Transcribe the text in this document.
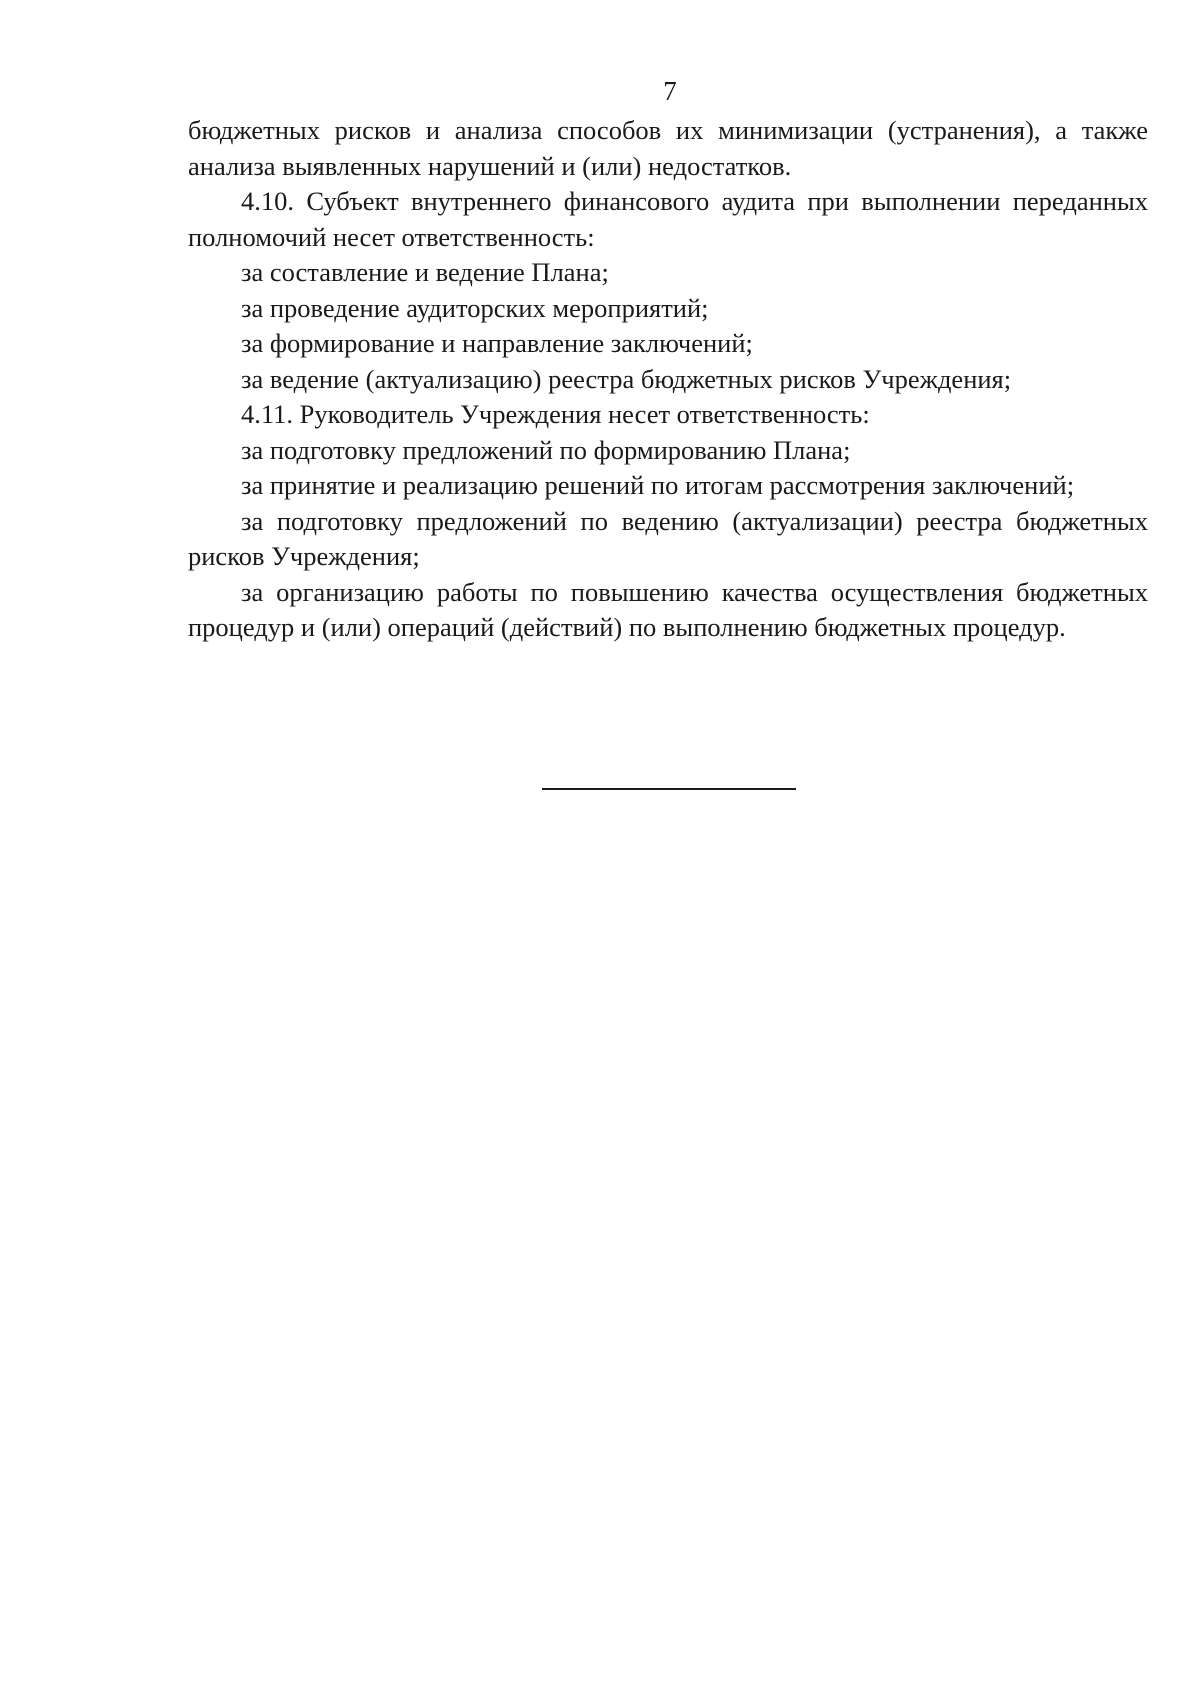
7

бюджетных рисков и анализа способов их минимизации (устранения), а также анализа выявленных нарушений и (или) недостатков.

4.10. Субъект внутреннего финансового аудита при выполнении переданных полномочий несет ответственность:

за составление и ведение Плана;

за проведение аудиторских мероприятий;

за формирование и направление заключений;

за ведение (актуализацию) реестра бюджетных рисков Учреждения;

4.11. Руководитель Учреждения несет ответственность:

за подготовку предложений по формированию Плана;

за принятие и реализацию решений по итогам рассмотрения заключений;

за подготовку предложений по ведению (актуализации) реестра бюджетных рисков Учреждения;

за организацию работы по повышению качества осуществления бюджетных процедур и (или) операций (действий) по выполнению бюджетных процедур.
